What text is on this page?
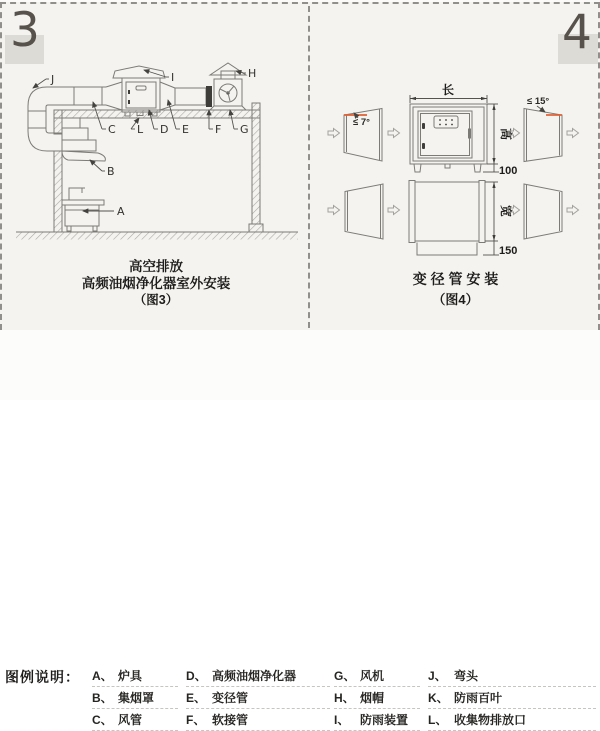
3
J	I	H
C L D E F G
B
A
高空排放
高频油烟净化器室外安装
（图3）
4
长
高
100
≤ 7°
≤ 15°
宽
150
变 径 管 安 装
（图4）
图例说明： A、 炉具
B、 集烟罩
C、 风管
D、 高频油烟净化器
E、 变径管
F、 软接管
G、 风机
H、 烟帽
I、 防雨装置
J、 弯头
K、 防雨百叶
L、 收集物排放口
